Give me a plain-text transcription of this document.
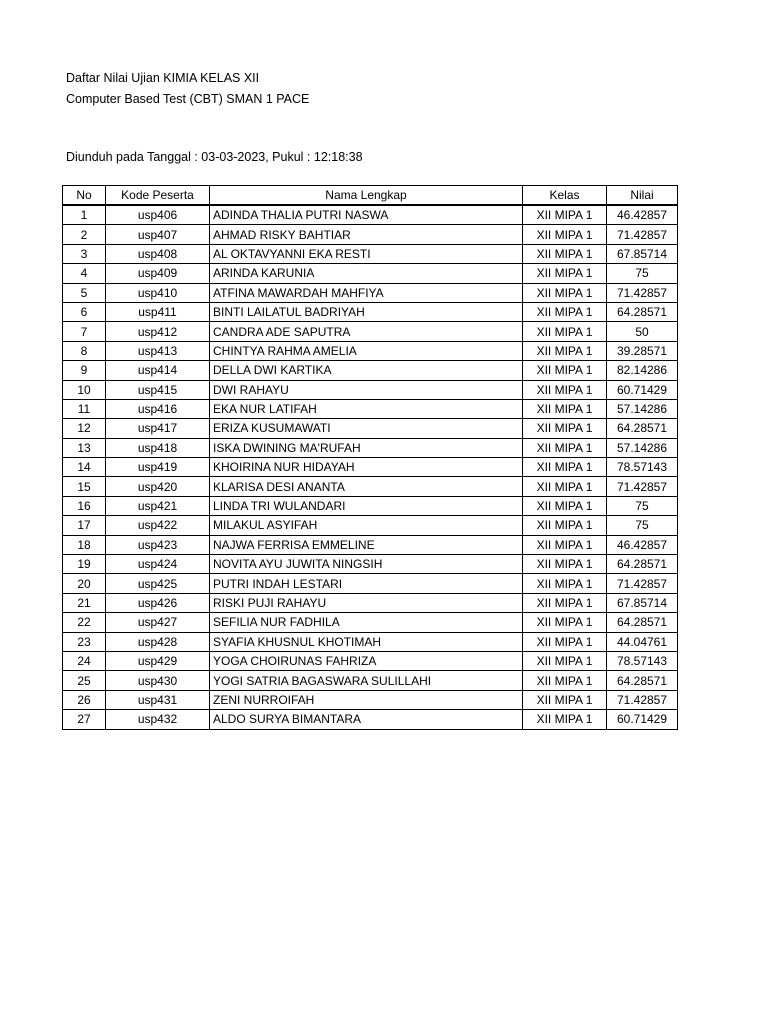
Daftar Nilai Ujian KIMIA KELAS XII
Computer Based Test (CBT) SMAN 1 PACE
Diunduh pada Tanggal : 03-03-2023, Pukul : 12:18:38
No	Kode Peserta	Nama Lengkap	Kelas	Nilai
1	usp406	ADINDA THALIA PUTRI NASWA	XII MIPA 1	46.42857
2	usp407	AHMAD RISKY BAHTIAR	XII MIPA 1	71.42857
3	usp408	AL OKTAVYANNI EKA RESTI	XII MIPA 1	67.85714
4	usp409	ARINDA KARUNIA	XII MIPA 1	75
5	usp410	ATFINA MAWARDAH MAHFIYA	XII MIPA 1	71.42857
6	usp411	BINTI LAILATUL BADRIYAH	XII MIPA 1	64.28571
7	usp412	CANDRA ADE SAPUTRA	XII MIPA 1	50
8	usp413	CHINTYA RAHMA AMELIA	XII MIPA 1	39.28571
9	usp414	DELLA DWI KARTIKA	XII MIPA 1	82.14286
10	usp415	DWI RAHAYU	XII MIPA 1	60.71429
11	usp416	EKA NUR LATIFAH	XII MIPA 1	57.14286
12	usp417	ERIZA KUSUMAWATI	XII MIPA 1	64.28571
13	usp418	ISKA DWINING MA'RUFAH	XII MIPA 1	57.14286
14	usp419	KHOIRINA NUR HIDAYAH	XII MIPA 1	78.57143
15	usp420	KLARISA DESI ANANTA	XII MIPA 1	71.42857
16	usp421	LINDA TRI WULANDARI	XII MIPA 1	75
17	usp422	MILAKUL ASYIFAH	XII MIPA 1	75
18	usp423	NAJWA FERRISA EMMELINE	XII MIPA 1	46.42857
19	usp424	NOVITA AYU JUWITA NINGSIH	XII MIPA 1	64.28571
20	usp425	PUTRI INDAH LESTARI	XII MIPA 1	71.42857
21	usp426	RISKI PUJI RAHAYU	XII MIPA 1	67.85714
22	usp427	SEFILIA NUR FADHILA	XII MIPA 1	64.28571
23	usp428	SYAFIA KHUSNUL KHOTIMAH	XII MIPA 1	44.04761
24	usp429	YOGA CHOIRUNAS FAHRIZA	XII MIPA 1	78.57143
25	usp430	YOGI SATRIA BAGASWARA SULILLAHI	XII MIPA 1	64.28571
26	usp431	ZENI NURROIFAH	XII MIPA 1	71.42857
27	usp432	ALDO SURYA BIMANTARA	XII MIPA 1	60.71429
